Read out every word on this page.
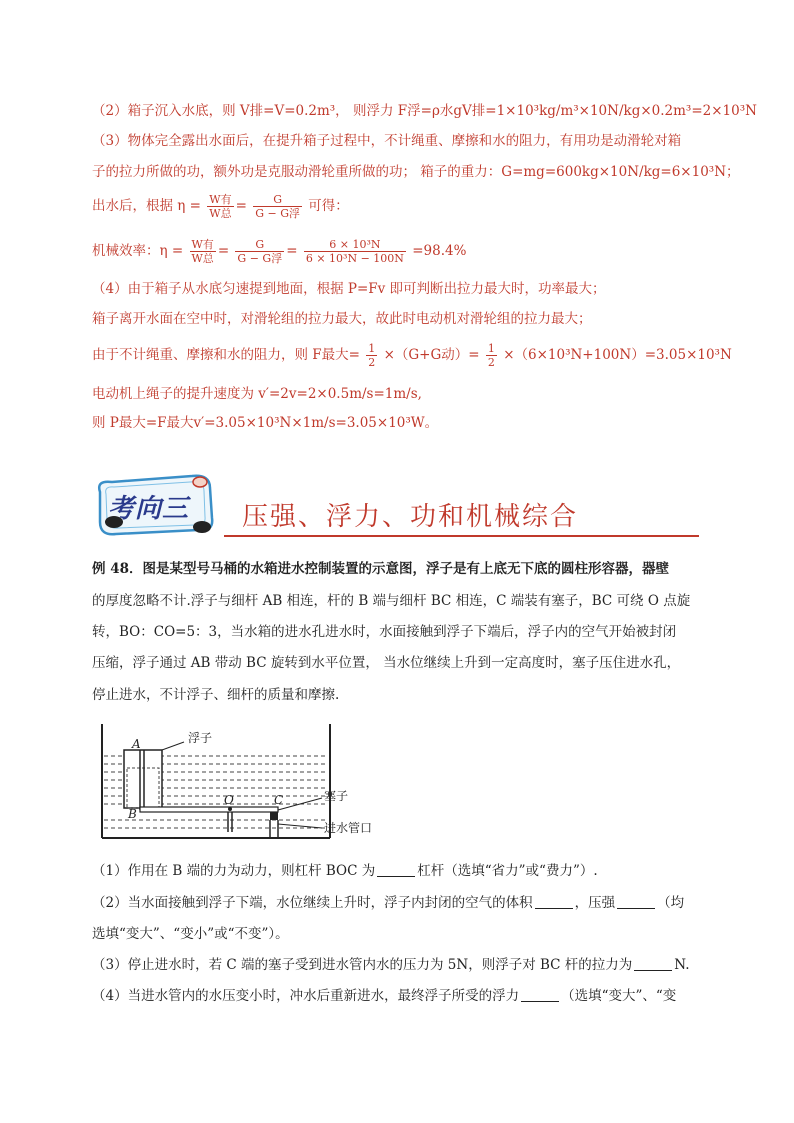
（2）箱子沉入水底，则 V排=V=0.2m³， 则浮力 F浮=ρ水gV排=1×10³kg/m³×10N/kg×0.2m³=2×10³N
（3）物体完全露出水面后，在提升箱子过程中，不计绳重、摩擦和水的阻力，有用功是动滑轮对箱
子的拉力所做的功，额外功是克服动滑轮重所做的功； 箱子的重力：G=mg=600kg×10N/kg=6×10³N；
出水后，根据 $\eta = \frac{\text{W有}}{\text{W总}} = \frac{G}{\text{G − G浮}}$ 可得：
机械效率：$\eta = \frac{\text{W有}}{\text{W总}} = \frac{G}{\text{G − G浮}} = \frac{\text{6 × 10³N}}{\text{6 × 10³N − 100N}} =98.4\%$
（4）由于箱子从水底匀速提到地面，根据 P=Fv 即可判断出拉力最大时，功率最大；
箱子离开水面在空中时，对滑轮组的拉力最大，故此时电动机对滑轮组的拉力最大；
由于不计绳重、摩擦和水的阻力，则 F最大= $\frac{1}{2} \times(G+G$动）= $\frac{1}{2} \times(6\times 10^3N+100N)=3.05\times 10^3N$
电动机上绳子的提升速度为 v′=2v=2×0.5m/s=1m/s,
则 P最大=F最大v′=3.05×10³N×1m/s=3.05×10³W。
考向三 压强、浮力、功和机械综合
例 48．图是某型号马桶的水箱进水控制装置的示意图，浮子是有上底无下底的圆柱形容器，器壁
的厚度忽略不计.浮子与细杆 AB 相连，杆的 B 端与细杆 BC 相连，C 端装有塞子，BC 可绕 O 点旋
转，BO：CO=5：3，当水箱的进水孔进水时，水面接触到浮子下端后，浮子内的空气开始被封闭
压缩，浮子通过 AB 带动 BC 旋转到水平位置， 当水位继续上升到一定高度时，塞子压住进水孔，
停止进水，不计浮子、细杆的质量和摩擦.
浮子
塞子
进水管口
A
B
O	C
（1）作用在 B 端的力为动力，则杠杆 BOC 为	杠杆（选填“省力”或“费力”）.
（2）当水面接触到浮子下端，水位继续上升时，浮子内封闭的空气的体积	，压强	（均
选填“变大”、“变小”或“不变”）。
（3）停止进水时，若 C 端的塞子受到进水管内水的压力为 5N，则浮子对 BC 杆的拉力为	N.
（4）当进水管内的水压变小时，冲水后重新进水，最终浮子所受的浮力	（选填“变大”、“变
